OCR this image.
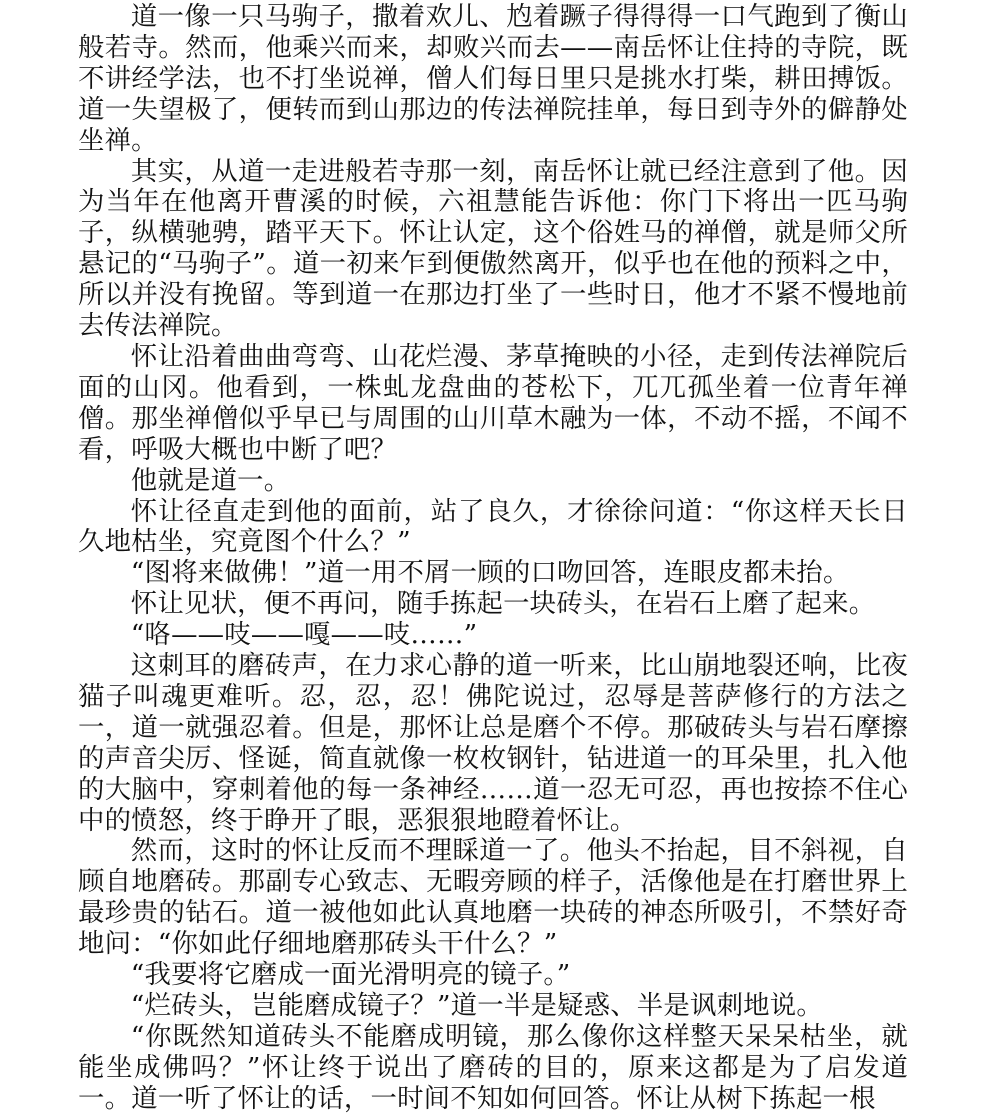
道一像一只马驹子，撒着欢儿、尥着蹶子得得得一口气跑到了衡山般若寺。然而，他乘兴而来，却败兴而去——南岳怀让住持的寺院，既不讲经学法，也不打坐说禅，僧人们每日里只是挑水打柴，耕田搏饭。道一失望极了，便转而到山那边的传法禅院挂单，每日到寺外的僻静处坐禅。

其实，从道一走进般若寺那一刻，南岳怀让就已经注意到了他。因为当年在他离开曹溪的时候，六祖慧能告诉他：你门下将出一匹马驹子，纵横驰骋，踏平天下。怀让认定，这个俗姓马的禅僧，就是师父所悬记的“马驹子”。道一初来乍到便傲然离开，似乎也在他的预料之中，所以并没有挽留。等到道一在那边打坐了一些时日，他才不紧不慢地前去传法禅院。

怀让沿着曲曲弯弯、山花烂漫、茅草掩映的小径，走到传法禅院后面的山冈。他看到，一株虬龙盘曲的苍松下，兀兀孤坐着一位青年禅僧。那坐禅僧似乎早已与周围的山川草木融为一体，不动不摇，不闻不看，呼吸大概也中断了吧？

他就是道一。

怀让径直走到他的面前，站了良久，才徐徐问道：“你这样天长日久地枯坐，究竟图个什么？”

“图将来做佛！”道一用不屑一顾的口吻回答，连眼皮都未抬。

怀让见状，便不再问，随手拣起一块砖头，在岩石上磨了起来。

“咯——吱——嘎——吱……”

这刺耳的磨砖声，在力求心静的道一听来，比山崩地裂还响，比夜猫子叫魂更难听。忍，忍，忍！佛陀说过，忍辱是菩萨修行的方法之一，道一就强忍着。但是，那怀让总是磨个不停。那破砖头与岩石摩擦的声音尖厉、怪诞，简直就像一枚枚钢针，钻进道一的耳朵里，扎入他的大脑中，穿刺着他的每一条神经……道一忍无可忍，再也按捺不住心中的愤怒，终于睁开了眼，恶狠狠地瞪着怀让。

然而，这时的怀让反而不理睬道一了。他头不抬起，目不斜视，自顾自地磨砖。那副专心致志、无暇旁顾的样子，活像他是在打磨世界上最珍贵的钻石。道一被他如此认真地磨一块砖的神态所吸引，不禁好奇地问：“你如此仔细地磨那砖头干什么？”

“我要将它磨成一面光滑明亮的镜子。”

“烂砖头，岂能磨成镜子？”道一半是疑惑、半是讽刺地说。

“你既然知道砖头不能磨成明镜，那么像你这样整天呆呆枯坐，就能坐成佛吗？”怀让终于说出了磨砖的目的，原来这都是为了启发道一。道一听了怀让的话，一时间不知如何回答。怀让从树下拣起一根
